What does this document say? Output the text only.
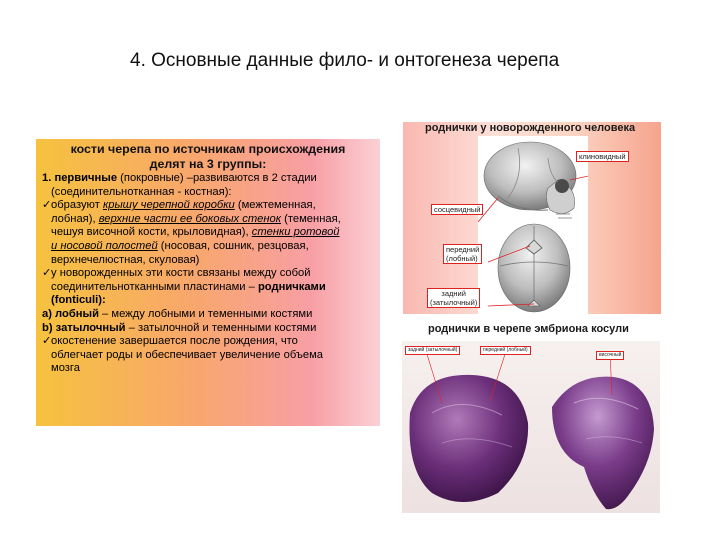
4. Основные данные фило- и онтогенеза черепа
кости черепа по источникам происхождения
делят на 3 группы:
1. первичные (покровные) –развиваются в 2 стадии
(соединительнотканная - костная):
✓образуют крышу черепной коробки (межтеменная,
лобная), верхние части ее боковых стенок (теменная,
чешуя височной кости, крыловидная), стенки ротовой
и носовой полостей (носовая, сошник, резцовая,
верхнечелюстная, скуловая)
✓у новорожденных эти кости связаны между собой
соединительнотканными пластинами – родничками
(fonticuli):
а) лобный – между лобными и теменными костями
b) затылочный – затылочной и теменными костями
✓окостенение завершается после рождения, что
облегчает роды и обеспечивает увеличение объема
мозга
роднички у новорожденного человека
клиновидный
сосцевидный
передний
(лобный)
задний
(затылочный)
роднички в черепе эмбриона косули
задний (затылочный)	передний (лобный)
височный
